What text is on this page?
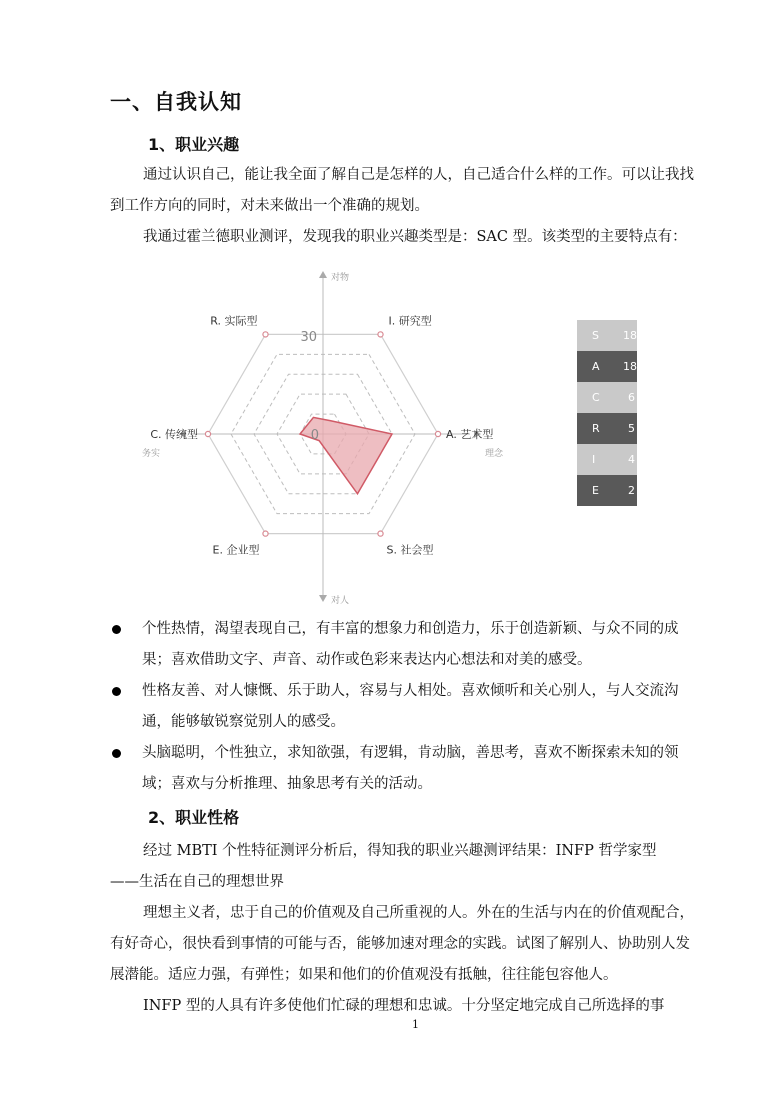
一、自我认知
1、职业兴趣
通过认识自己，能让我全面了解自己是怎样的人，自己适合什么样的工作。可以让我找到工作方向的同时，对未来做出一个准确的规划。
我通过霍兰德职业测评，发现我的职业兴趣类型是：SAC 型。该类型的主要特点有：
I. 研究型
A. 艺术型
S. 社会型
E. 企业型
C. 传统型
R. 实际型
对物
对人
务实	理念
30
0
S	18
A	18
C	6
R	5
I	4
E	2
个性热情，渴望表现自己，有丰富的想象力和创造力，乐于创造新颖、与众不同的成果；喜欢借助文字、声音、动作或色彩来表达内心想法和对美的感受。
性格友善、对人慷慨、乐于助人，容易与人相处。喜欢倾听和关心别人，与人交流沟通，能够敏锐察觉别人的感受。
头脑聪明，个性独立，求知欲强，有逻辑，肯动脑，善思考，喜欢不断探索未知的领域；喜欢与分析推理、抽象思考有关的活动。
2、职业性格
经过 MBTI 个性特征测评分析后，得知我的职业兴趣测评结果：INFP 哲学家型
——生活在自己的理想世界
理想主义者，忠于自己的价值观及自己所重视的人。外在的生活与内在的价值观配合，有好奇心，很快看到事情的可能与否，能够加速对理念的实践。试图了解别人、协助别人发展潜能。适应力强，有弹性；如果和他们的价值观没有抵触，往往能包容他人。
INFP 型的人具有许多使他们忙碌的理想和忠诚。十分坚定地完成自己所选择的事
1
